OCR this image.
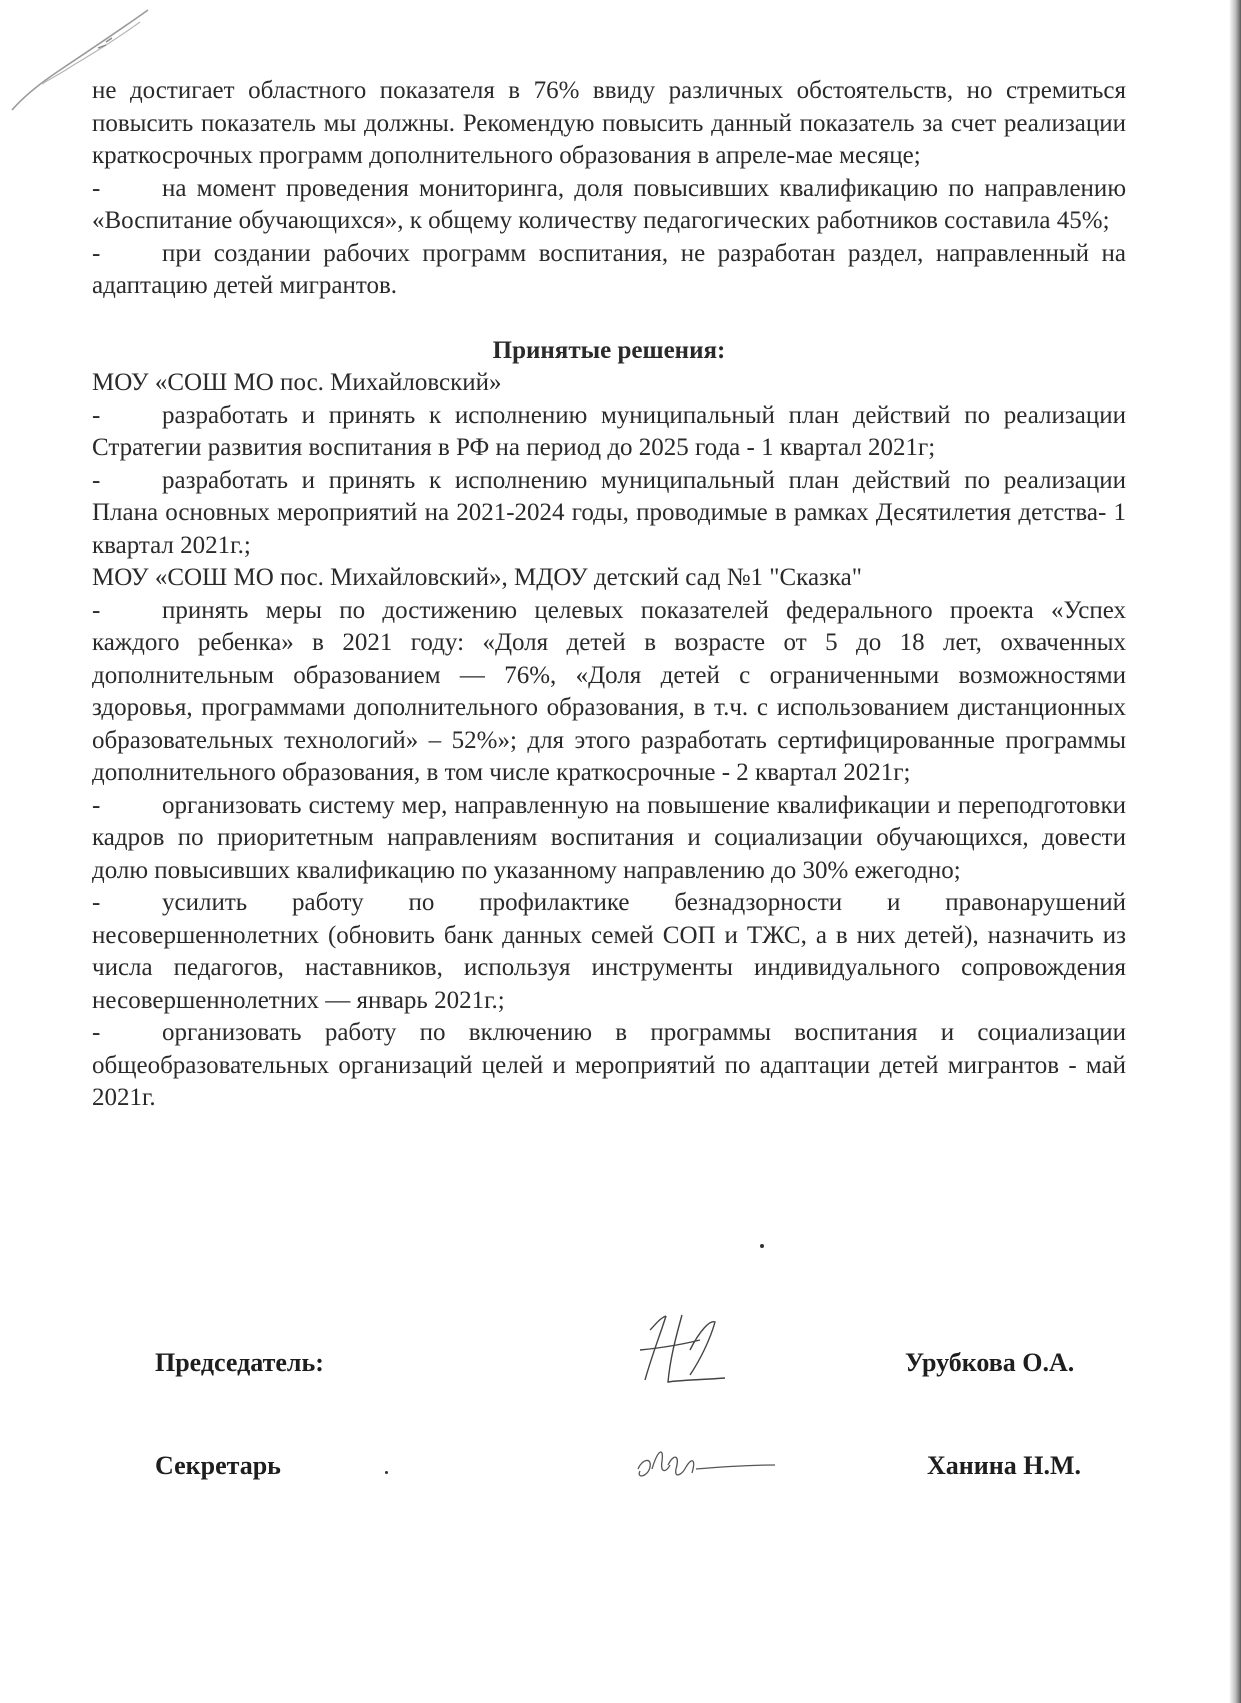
не достигает областного показателя в 76% ввиду различных обстоятельств, но стремиться повысить показатель мы должны. Рекомендую повысить данный показатель за счет реализации краткосрочных программ дополнительного образования в апреле-мае месяце;

- на момент проведения мониторинга, доля повысивших квалификацию по направлению «Воспитание обучающихся», к общему количеству педагогических работников составила 45%;

- при создании рабочих программ воспитания, не разработан раздел, направленный на адаптацию детей мигрантов.

Принятые решения:

МОУ «СОШ МО пос. Михайловский»

- разработать и принять к исполнению муниципальный план действий по реализации Стратегии развития воспитания в РФ на период до 2025 года - 1 квартал 2021г;

- разработать и принять к исполнению муниципальный план действий по реализации Плана основных мероприятий на 2021-2024 годы, проводимые в рамках Десятилетия детства- 1 квартал 2021г.;

МОУ «СОШ МО пос. Михайловский», МДОУ детский сад №1 "Сказка"

- принять меры по достижению целевых показателей федерального проекта «Успех каждого ребенка» в 2021 году: «Доля детей в возрасте от 5 до 18 лет, охваченных дополнительным образованием — 76%, «Доля детей с ограниченными возможностями здоровья, программами дополнительного образования, в т.ч. с использованием дистанционных образовательных технологий» – 52%»; для этого разработать сертифицированные программы дополнительного образования, в том числе краткосрочные - 2 квартал 2021г;

- организовать систему мер, направленную на повышение квалификации и переподготовки кадров по приоритетным направлениям воспитания и социализации обучающихся, довести долю повысивших квалификацию по указанному направлению до 30% ежегодно;

- усилить работу по профилактике безнадзорности и правонарушений несовершеннолетних (обновить банк данных семей СОП и ТЖС, а в них детей), назначить из числа педагогов, наставников, используя инструменты индивидуального сопровождения несовершеннолетних — январь 2021г.;

- организовать работу по включению в программы воспитания и социализации общеобразовательных организаций целей и мероприятий по адаптации детей мигрантов - май 2021г.

Председатель:	Урубкова О.А.
Секретарь	Ханина Н.М.
